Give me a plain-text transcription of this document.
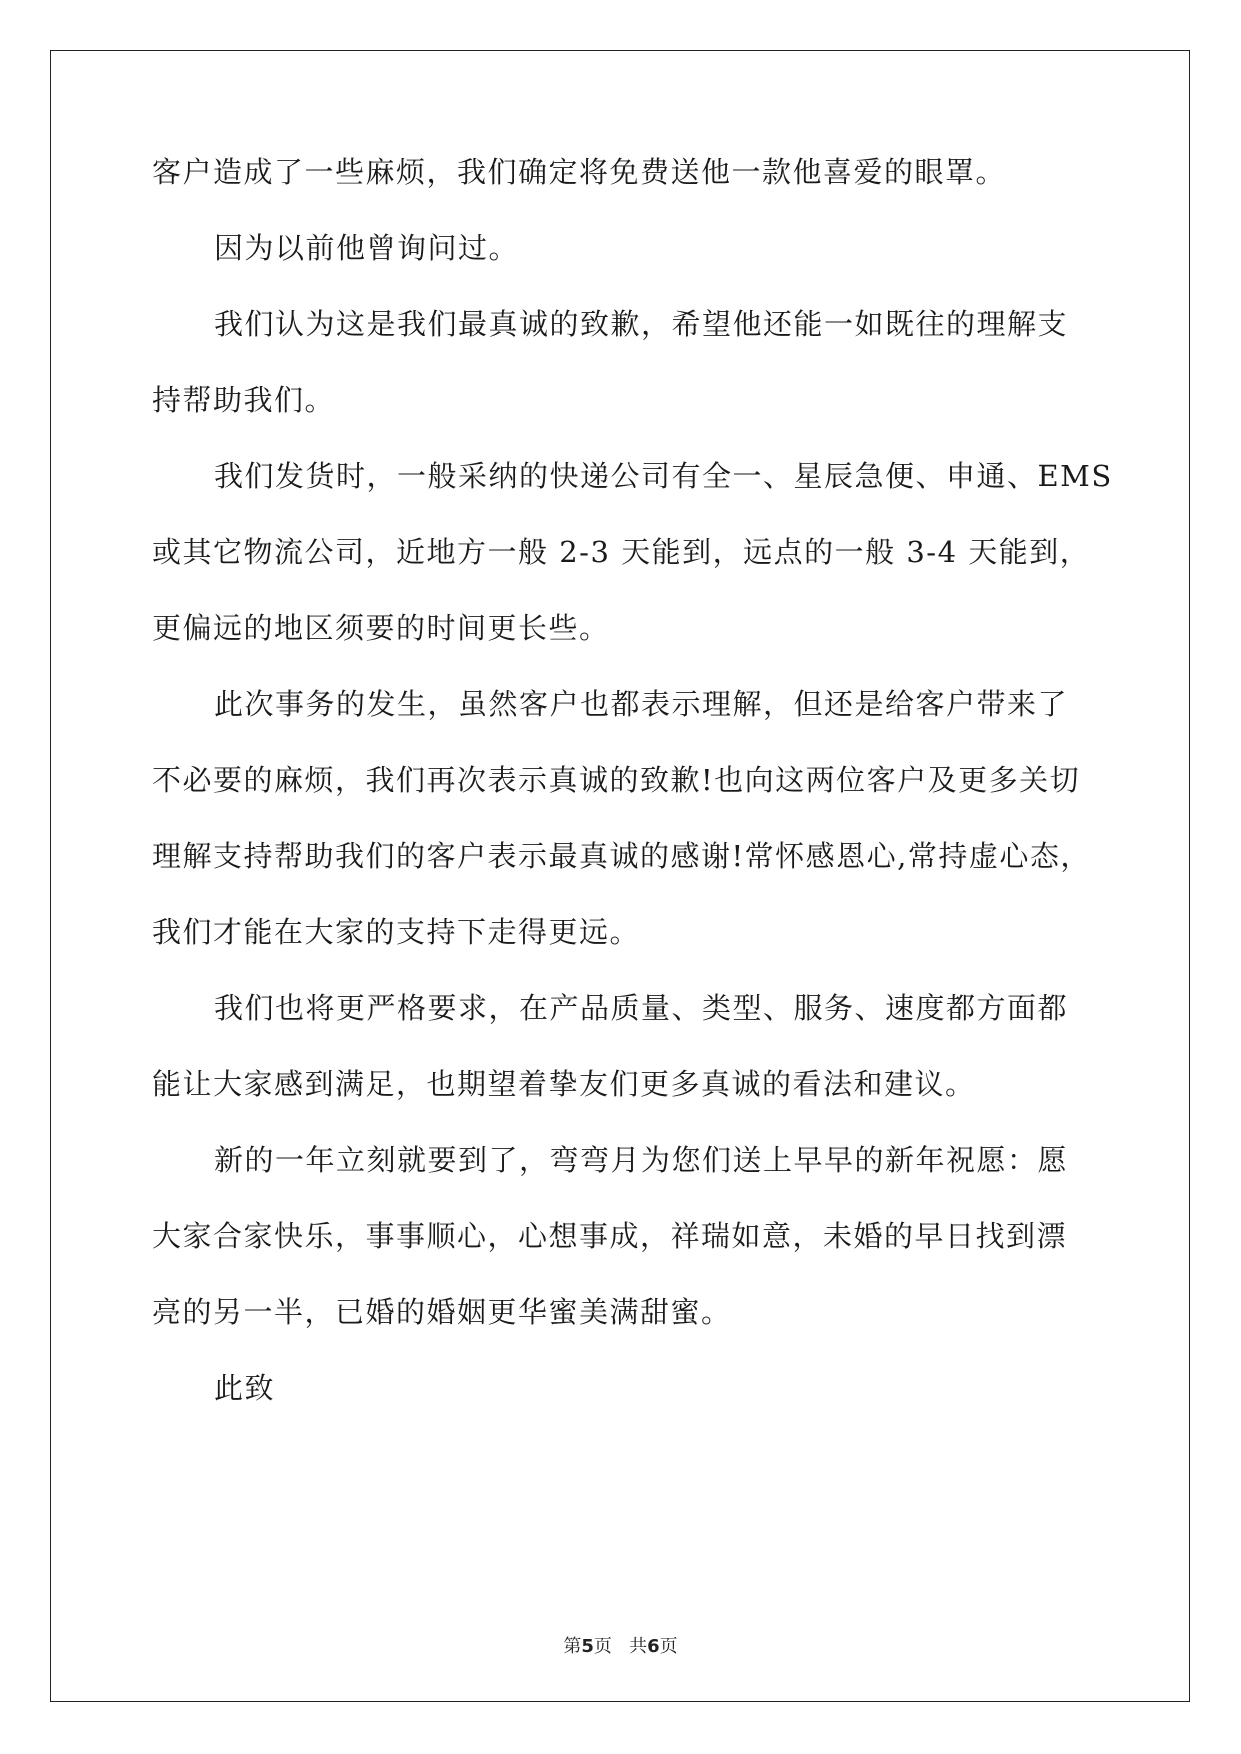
客户造成了一些麻烦，我们确定将免费送他一款他喜爱的眼罩。
因为以前他曾询问过。
我们认为这是我们最真诚的致歉，希望他还能一如既往的理解支
持帮助我们。
我们发货时，一般采纳的快递公司有全一、星辰急便、申通、EMS
或其它物流公司，近地方一般 2-3 天能到，远点的一般 3-4 天能到，
更偏远的地区须要的时间更长些。
此次事务的发生，虽然客户也都表示理解，但还是给客户带来了
不必要的麻烦，我们再次表示真诚的致歉!也向这两位客户及更多关切
理解支持帮助我们的客户表示最真诚的感谢!常怀感恩心,常持虚心态，
我们才能在大家的支持下走得更远。
我们也将更严格要求，在产品质量、类型、服务、速度都方面都
能让大家感到满足，也期望着挚友们更多真诚的看法和建议。
新的一年立刻就要到了，弯弯月为您们送上早早的新年祝愿：愿
大家合家快乐，事事顺心，心想事成，祥瑞如意，未婚的早日找到漂
亮的另一半，已婚的婚姻更华蜜美满甜蜜。
此致
第5页 共6页
